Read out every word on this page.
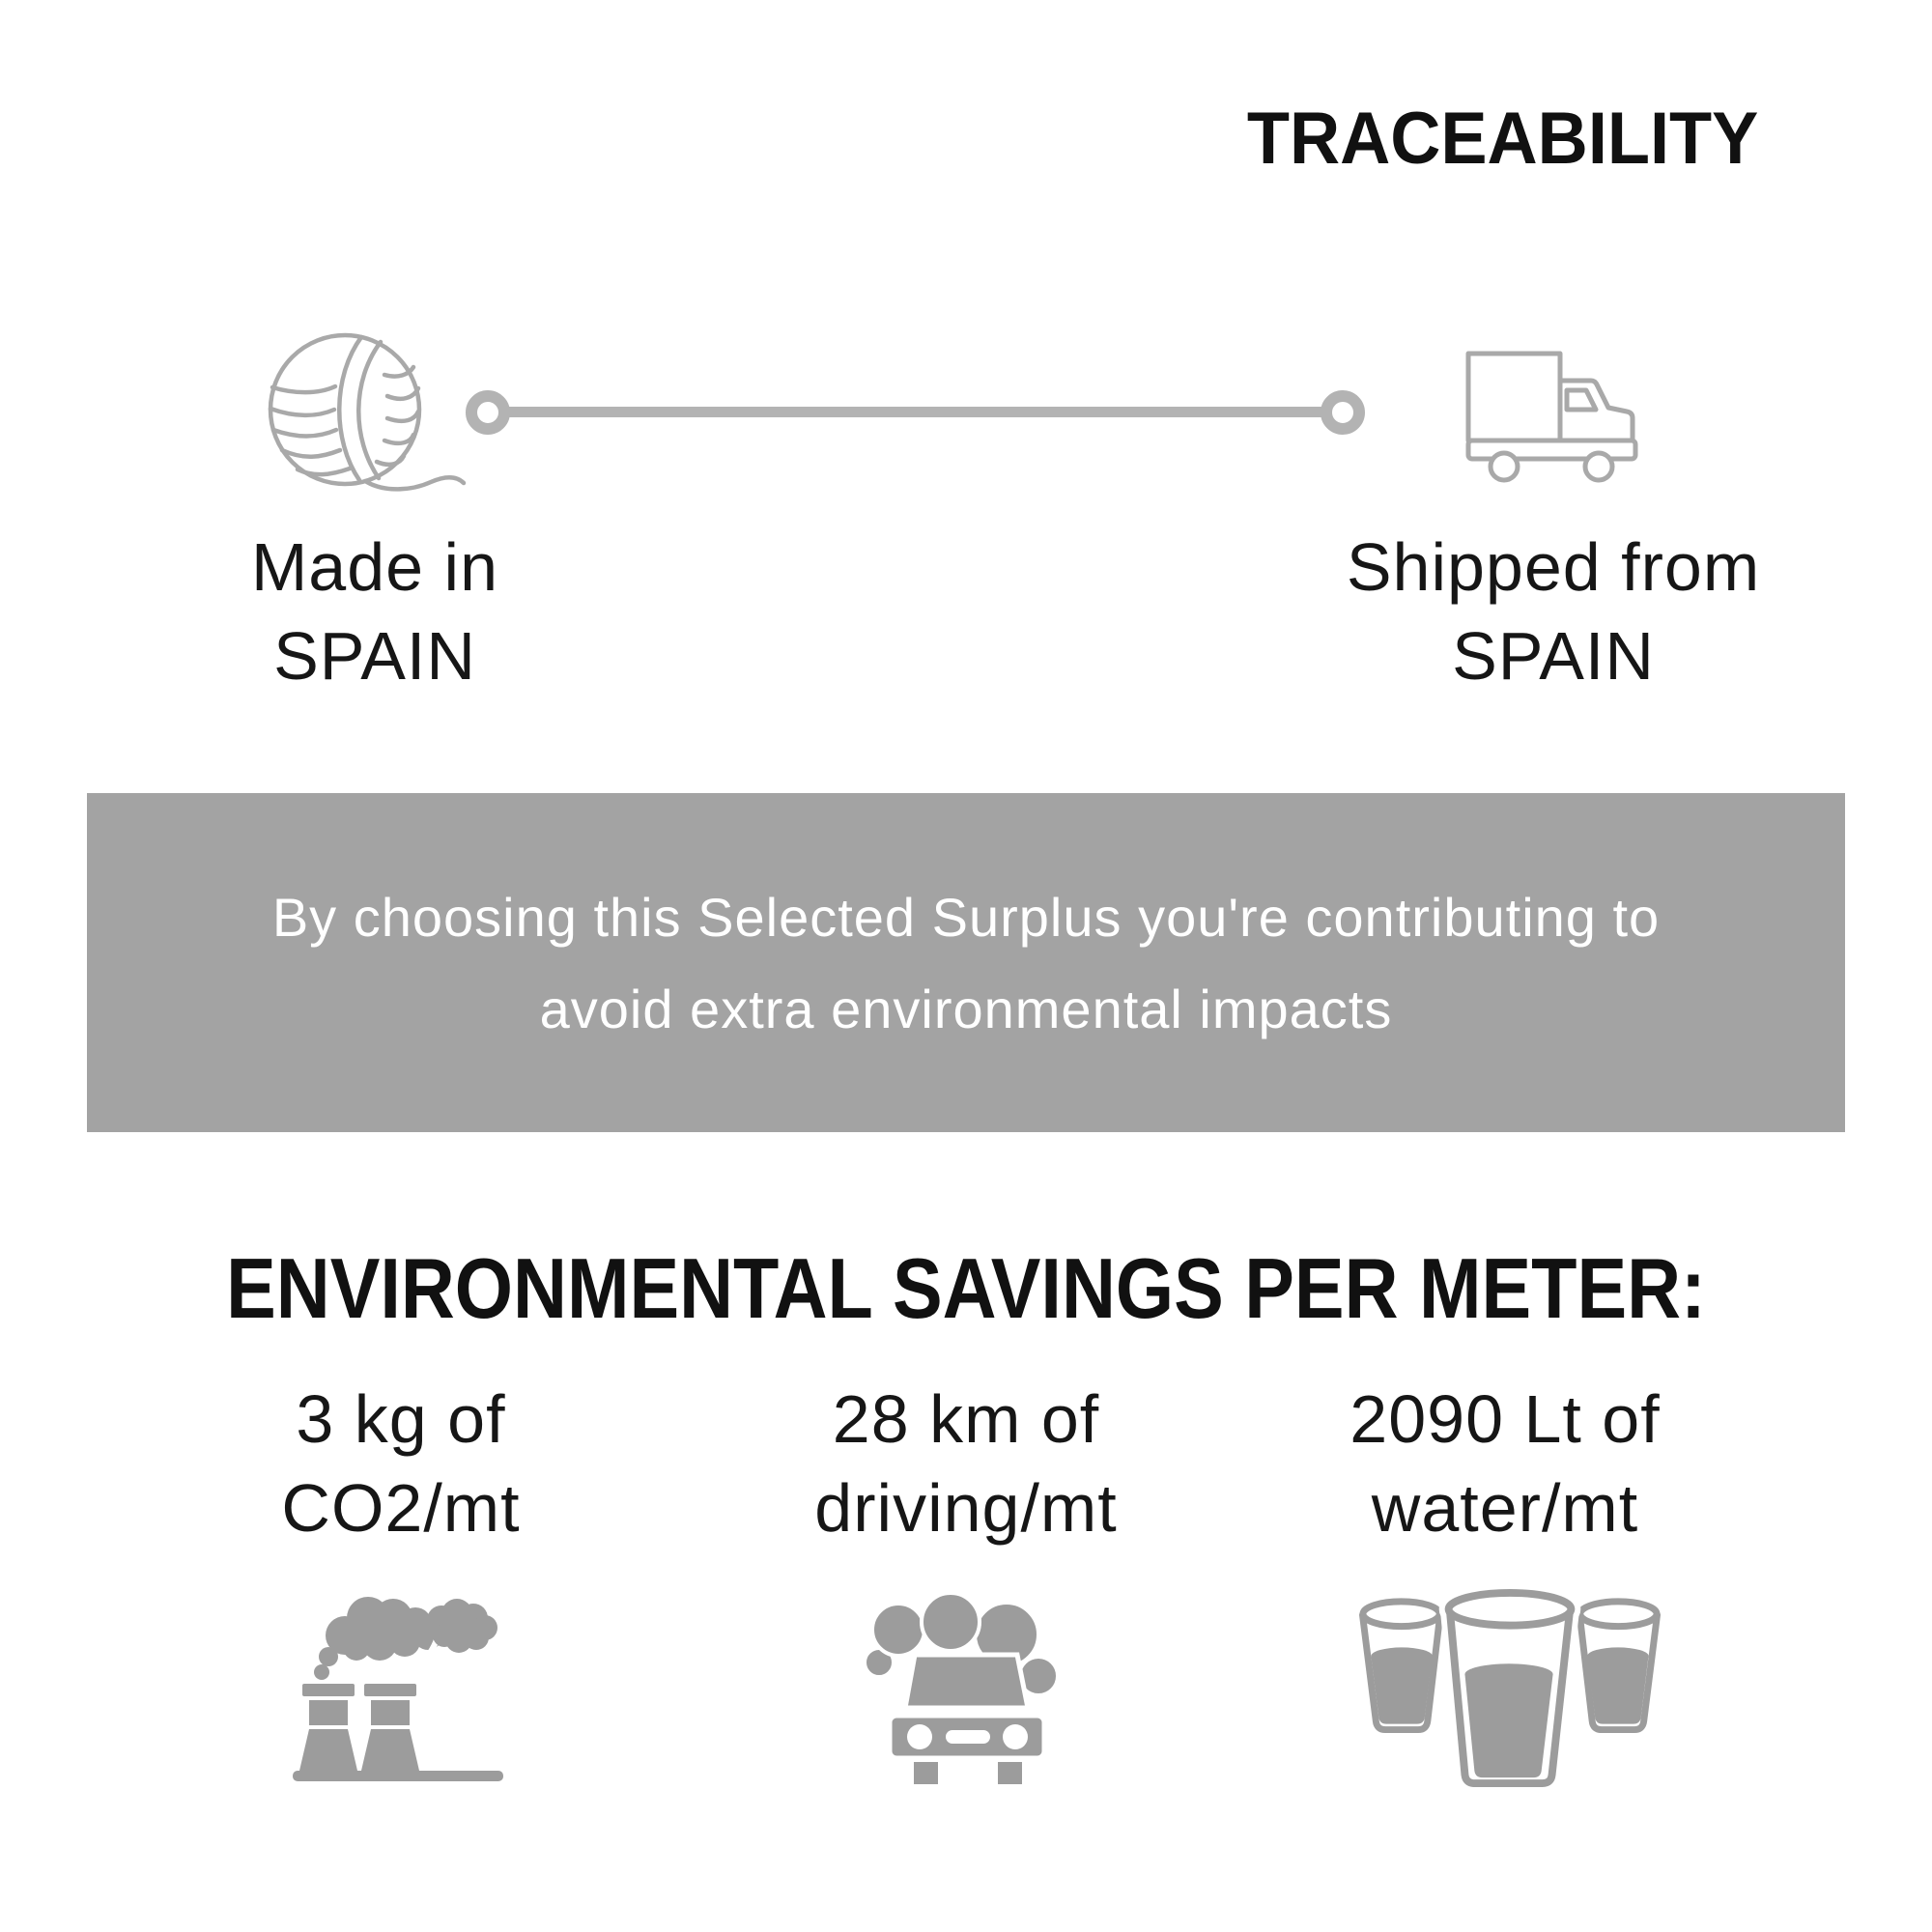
TRACEABILITY
Made in
SPAIN
Shipped from
SPAIN
By choosing this Selected Surplus you're contributing to
avoid extra environmental impacts
ENVIRONMENTAL SAVINGS PER METER:
3 kg of
CO2/mt
28 km of
driving/mt
2090 Lt of
water/mt
